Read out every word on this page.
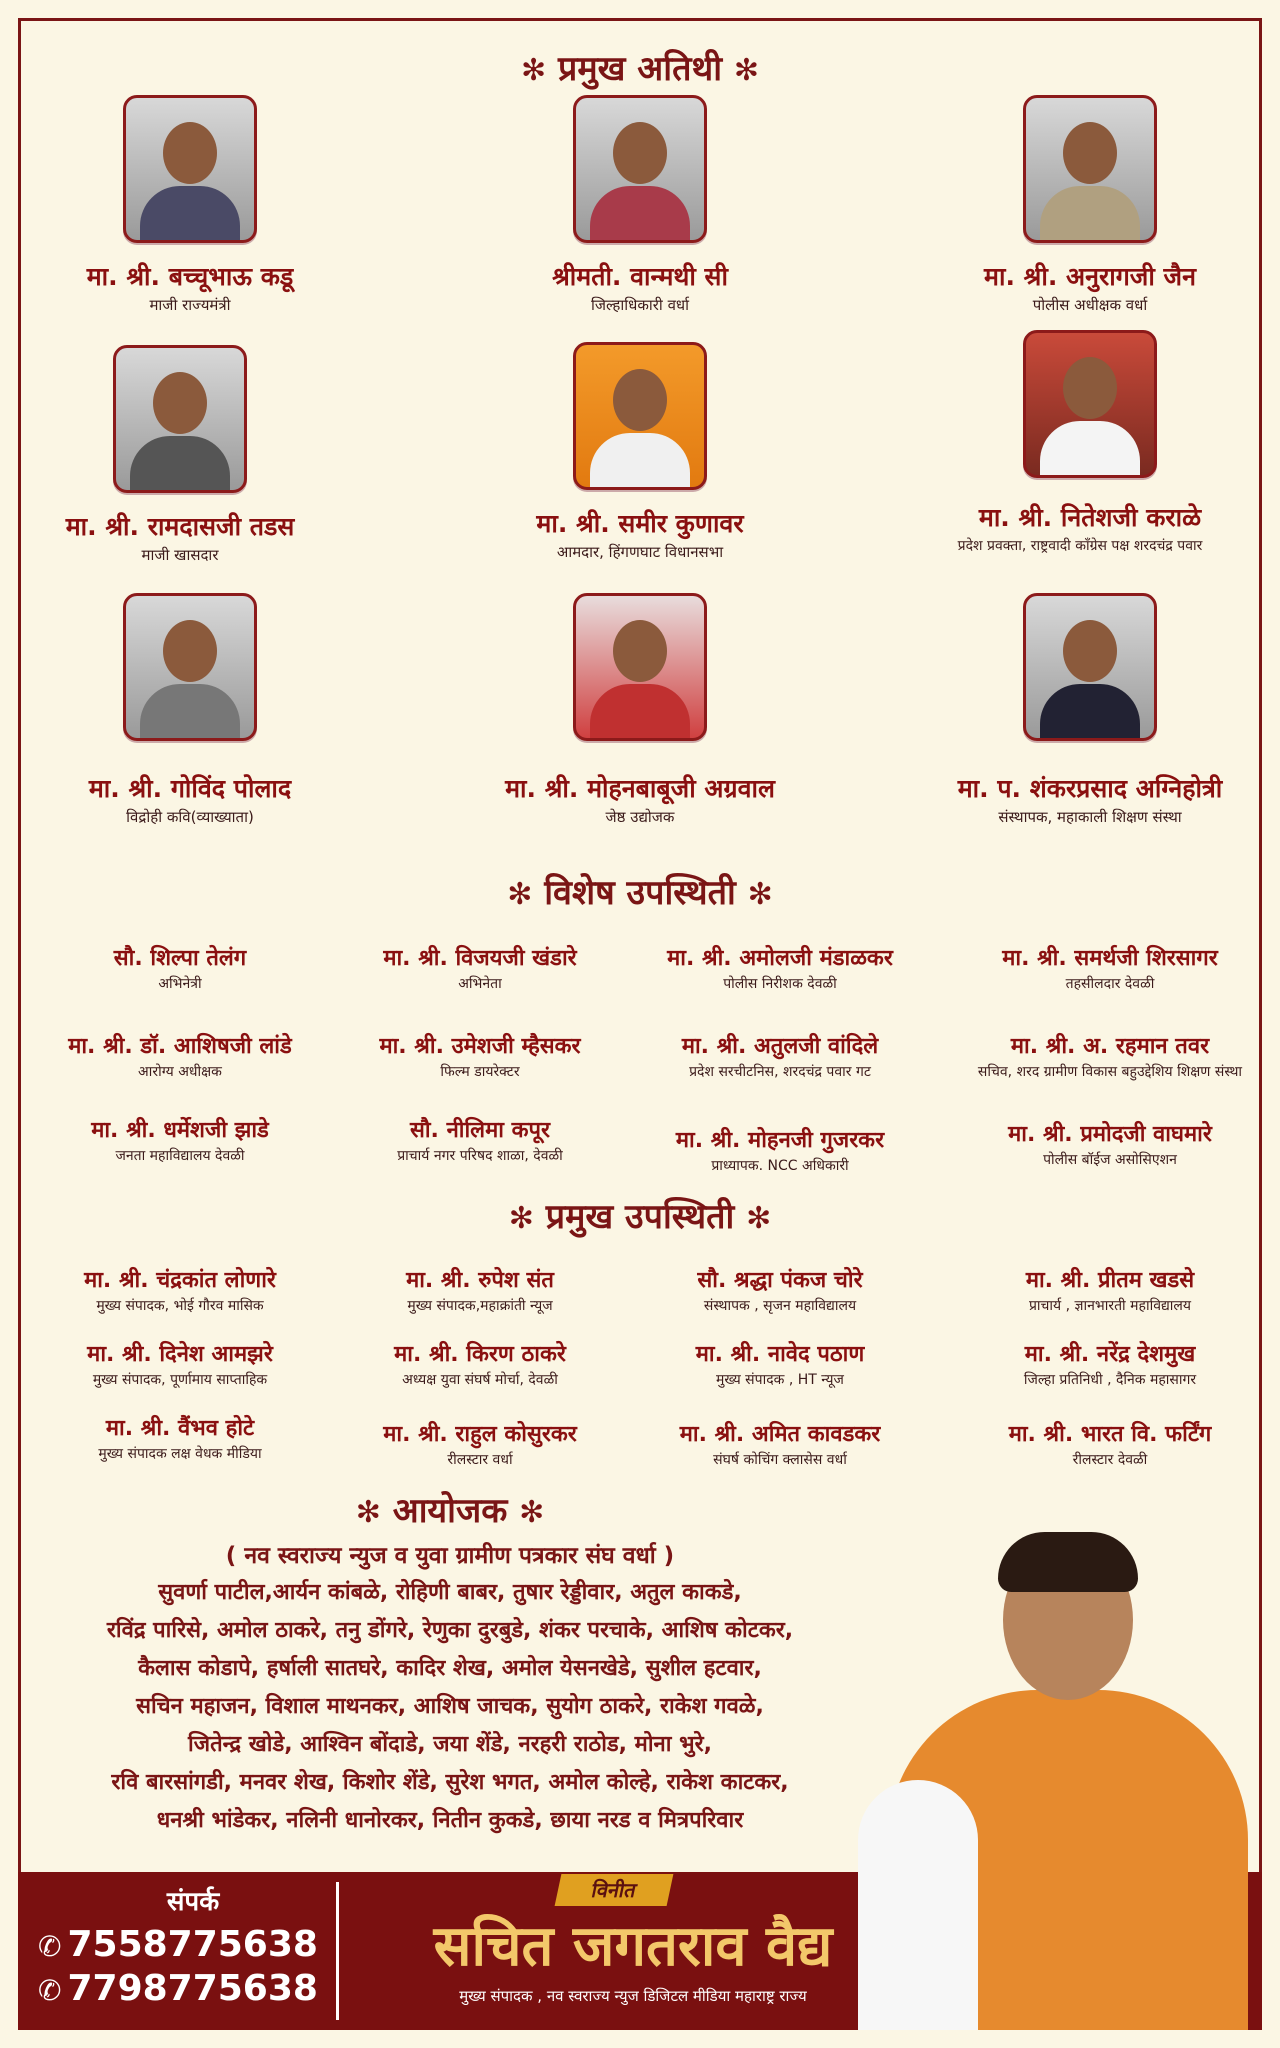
✻ प्रमुख अतिथी ✻
मा. श्री. बच्चूभाऊ कडू
माजी राज्यमंत्री
श्रीमती. वान्मथी सी
जिल्हाधिकारी वर्धा
मा. श्री. अनुरागजी जैन
पोलीस अधीक्षक वर्धा
मा. श्री. रामदासजी तडस
माजी खासदार
मा. श्री. समीर कुणावर
आमदार, हिंगणघाट विधानसभा
मा. श्री. नितेशजी कराळे
प्रदेश प्रवक्ता, राष्ट्रवादी काँग्रेस पक्ष शरदचंद्र पवार
मा. श्री. गोविंद पोलाद
विद्रोही कवि(व्याख्याता)
मा. श्री. मोहनबाबूजी अग्रवाल
जेष्ठ उद्योजक
मा. प. शंकरप्रसाद अग्निहोत्री
संस्थापक, महाकाली शिक्षण संस्था
✻ विशेष उपस्थिती ✻
सौ. शिल्पा तेलंग
अभिनेत्री
मा. श्री. विजयजी खंडारे
अभिनेता
मा. श्री. अमोलजी मंडाळकर
पोलीस निरीशक देवळी
मा. श्री. समर्थजी शिरसागर
तहसीलदार देवळी
मा. श्री. डॉ. आशिषजी लांडे
आरोग्य अधीक्षक
मा. श्री. उमेशजी म्हैसकर
फिल्म डायरेक्टर
मा. श्री. अतुलजी वांदिले
प्रदेश सरचीटनिस, शरदचंद्र पवार गट
मा. श्री. अ. रहमान तवर
सचिव, शरद ग्रामीण विकास बहुउद्देशिय शिक्षण संस्था
मा. श्री. धर्मेशजी झाडे
जनता महाविद्यालय देवळी
सौ. नीलिमा कपूर
प्राचार्य नगर परिषद शाळा, देवळी
मा. श्री. मोहनजी गुजरकर
प्राध्यापक. NCC अधिकारी
मा. श्री. प्रमोदजी वाघमारे
पोलीस बॉईज असोसिएशन
✻ प्रमुख उपस्थिती ✻
मा. श्री. चंद्रकांत लोणारे
मुख्य संपादक, भोई गौरव मासिक
मा. श्री. रुपेश संत
मुख्य संपादक,महाक्रांती न्यूज
सौ. श्रद्धा पंकज चोरे
संस्थापक , सृजन महाविद्यालय
मा. श्री. प्रीतम खडसे
प्राचार्य , ज्ञानभारती महाविद्यालय
मा. श्री. दिनेश आमझरे
मुख्य संपादक, पूर्णामाय साप्ताहिक
मा. श्री. किरण ठाकरे
अध्यक्ष युवा संघर्ष मोर्चा, देवळी
मा. श्री. नावेद पठाण
मुख्य संपादक , HT न्यूज
मा. श्री. नरेंद्र देशमुख
जिल्हा प्रतिनिधी , दैनिक महासागर
मा. श्री. वैंभव होटे
मुख्य संपादक लक्ष वेधक मीडिया
मा. श्री. राहुल कोसुरकर
रीलस्टार वर्धा
मा. श्री. अमित कावडकर
संघर्ष कोचिंग क्लासेस वर्धा
मा. श्री. भारत वि. फर्टिंग
रीलस्टार देवळी
✻ आयोजक ✻
( नव स्वराज्य न्युज व युवा ग्रामीण पत्रकार संघ वर्धा )
सुवर्णा पाटील,आर्यन कांबळे, रोहिणी बाबर, तुषार रेड्डीवार, अतुल काकडे,
रविंद्र पारिसे, अमोल ठाकरे, तनु डोंगरे, रेणुका दुरबुडे, शंकर परचाके, आशिष कोटकर,
कैलास कोडापे, हर्षाली सातघरे, कादिर शेख, अमोल येसनखेडे, सुशील हटवार,
सचिन महाजन, विशाल माथनकर, आशिष जाचक, सुयोग ठाकरे, राकेश गवळे,
जितेन्द्र खोडे, आश्विन बोंदाडे, जया शेंडे, नरहरी राठोड, मोना भुरे,
रवि बारसांगडी, मनवर शेख, किशोर शेंडे, सुरेश भगत, अमोल कोल्हे, राकेश काटकर,
धनश्री भांडेकर, नलिनी धानोरकर, नितीन कुकडे, छाया नरड व मित्रपरिवार
संपर्क
✆ 7558775638
✆ 7798775638
विनीत
सचित जगतराव वैद्य
मुख्य संपादक , नव स्वराज्य न्युज डिजिटल मीडिया महाराष्ट्र राज्य
